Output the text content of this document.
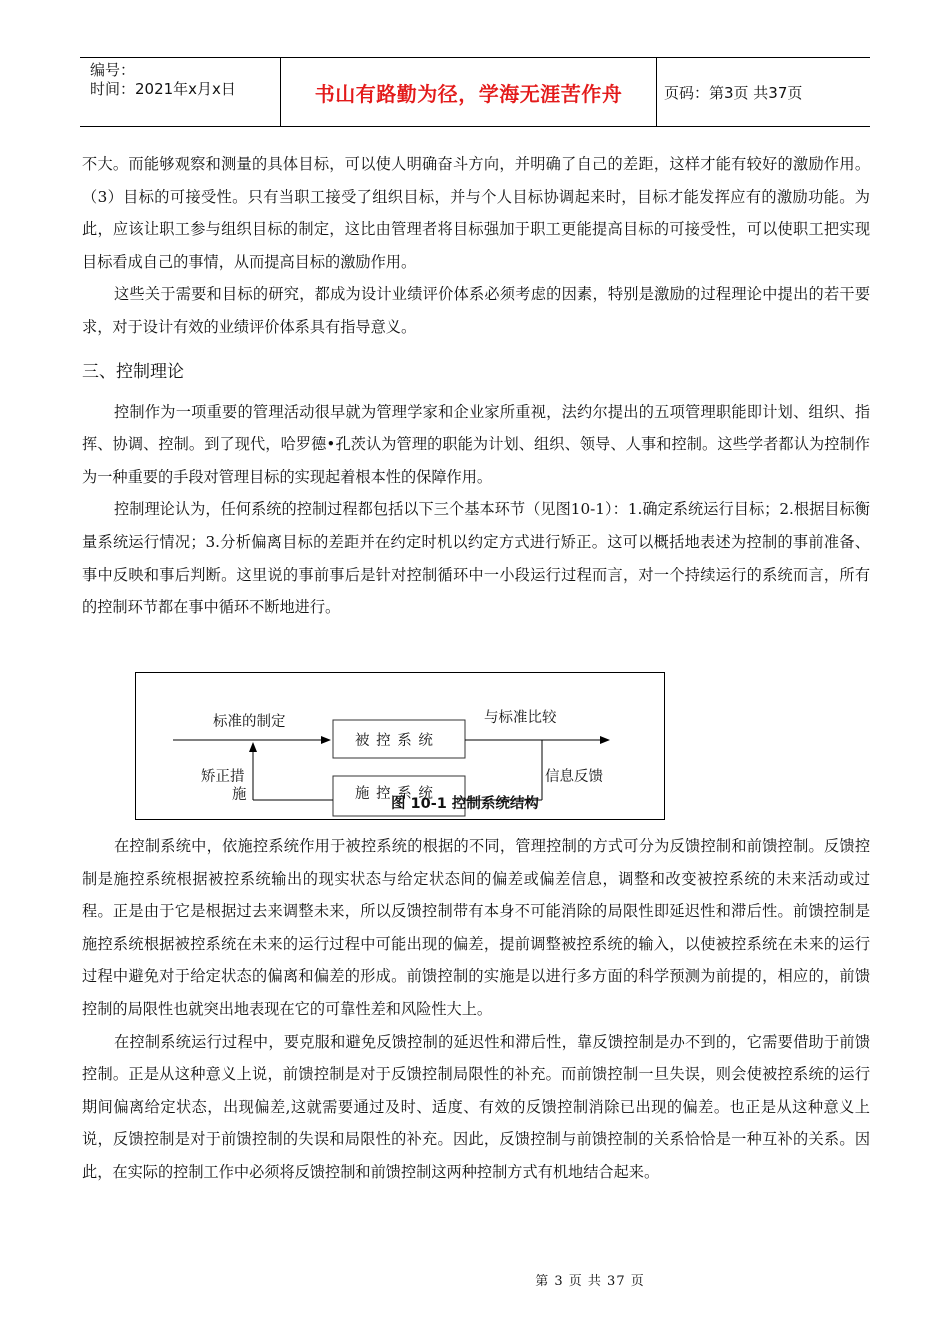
编号：
时间：2021年x月x日	书山有路勤为径，学海无涯苦作舟	页码：第3页 共37页

不大。而能够观察和测量的具体目标，可以使人明确奋斗方向，并明确了自己的差距，这样才能有较好的激励作用。（3）目标的可接受性。只有当职工接受了组织目标，并与个人目标协调起来时，目标才能发挥应有的激励功能。为此，应该让职工参与组织目标的制定，这比由管理者将目标强加于职工更能提高目标的可接受性，可以使职工把实现目标看成自己的事情，从而提高目标的激励作用。

这些关于需要和目标的研究，都成为设计业绩评价体系必须考虑的因素，特别是激励的过程理论中提出的若干要求，对于设计有效的业绩评价体系具有指导意义。

三、控制理论

控制作为一项重要的管理活动很早就为管理学家和企业家所重视，法约尔提出的五项管理职能即计划、组织、指挥、协调、控制。到了现代，哈罗德•孔茨认为管理的职能为计划、组织、领导、人事和控制。这些学者都认为控制作为一种重要的手段对管理目标的实现起着根本性的保障作用。

控制理论认为，任何系统的控制过程都包括以下三个基本环节（见图10-1）：1.确定系统运行目标；2.根据目标衡量系统运行情况；3.分析偏离目标的差距并在约定时机以约定方式进行矫正。这可以概括地表述为控制的事前准备、事中反映和事后判断。这里说的事前事后是针对控制循环中一小段运行过程而言，对一个持续运行的系统而言，所有的控制环节都在事中循环不断地进行。

标准的制定	与标准比较
被 控 系 统
施 控 系 统
矫正措
施
信息反馈
图 10-1 控制系统结构

在控制系统中，依施控系统作用于被控系统的根据的不同，管理控制的方式可分为反馈控制和前馈控制。反馈控制是施控系统根据被控系统输出的现实状态与给定状态间的偏差或偏差信息，调整和改变被控系统的未来活动或过程。正是由于它是根据过去来调整未来，所以反馈控制带有本身不可能消除的局限性即延迟性和滞后性。前馈控制是施控系统根据被控系统在未来的运行过程中可能出现的偏差，提前调整被控系统的输入，以使被控系统在未来的运行过程中避免对于给定状态的偏离和偏差的形成。前馈控制的实施是以进行多方面的科学预测为前提的，相应的，前馈控制的局限性也就突出地表现在它的可靠性差和风险性大上。

在控制系统运行过程中，要克服和避免反馈控制的延迟性和滞后性，靠反馈控制是办不到的，它需要借助于前馈控制。正是从这种意义上说，前馈控制是对于反馈控制局限性的补充。而前馈控制一旦失误，则会使被控系统的运行期间偏离给定状态，出现偏差,这就需要通过及时、适度、有效的反馈控制消除已出现的偏差。也正是从这种意义上说，反馈控制是对于前馈控制的失误和局限性的补充。因此，反馈控制与前馈控制的关系恰恰是一种互补的关系。因此，在实际的控制工作中必须将反馈控制和前馈控制这两种控制方式有机地结合起来。

第 3 页 共 37 页
